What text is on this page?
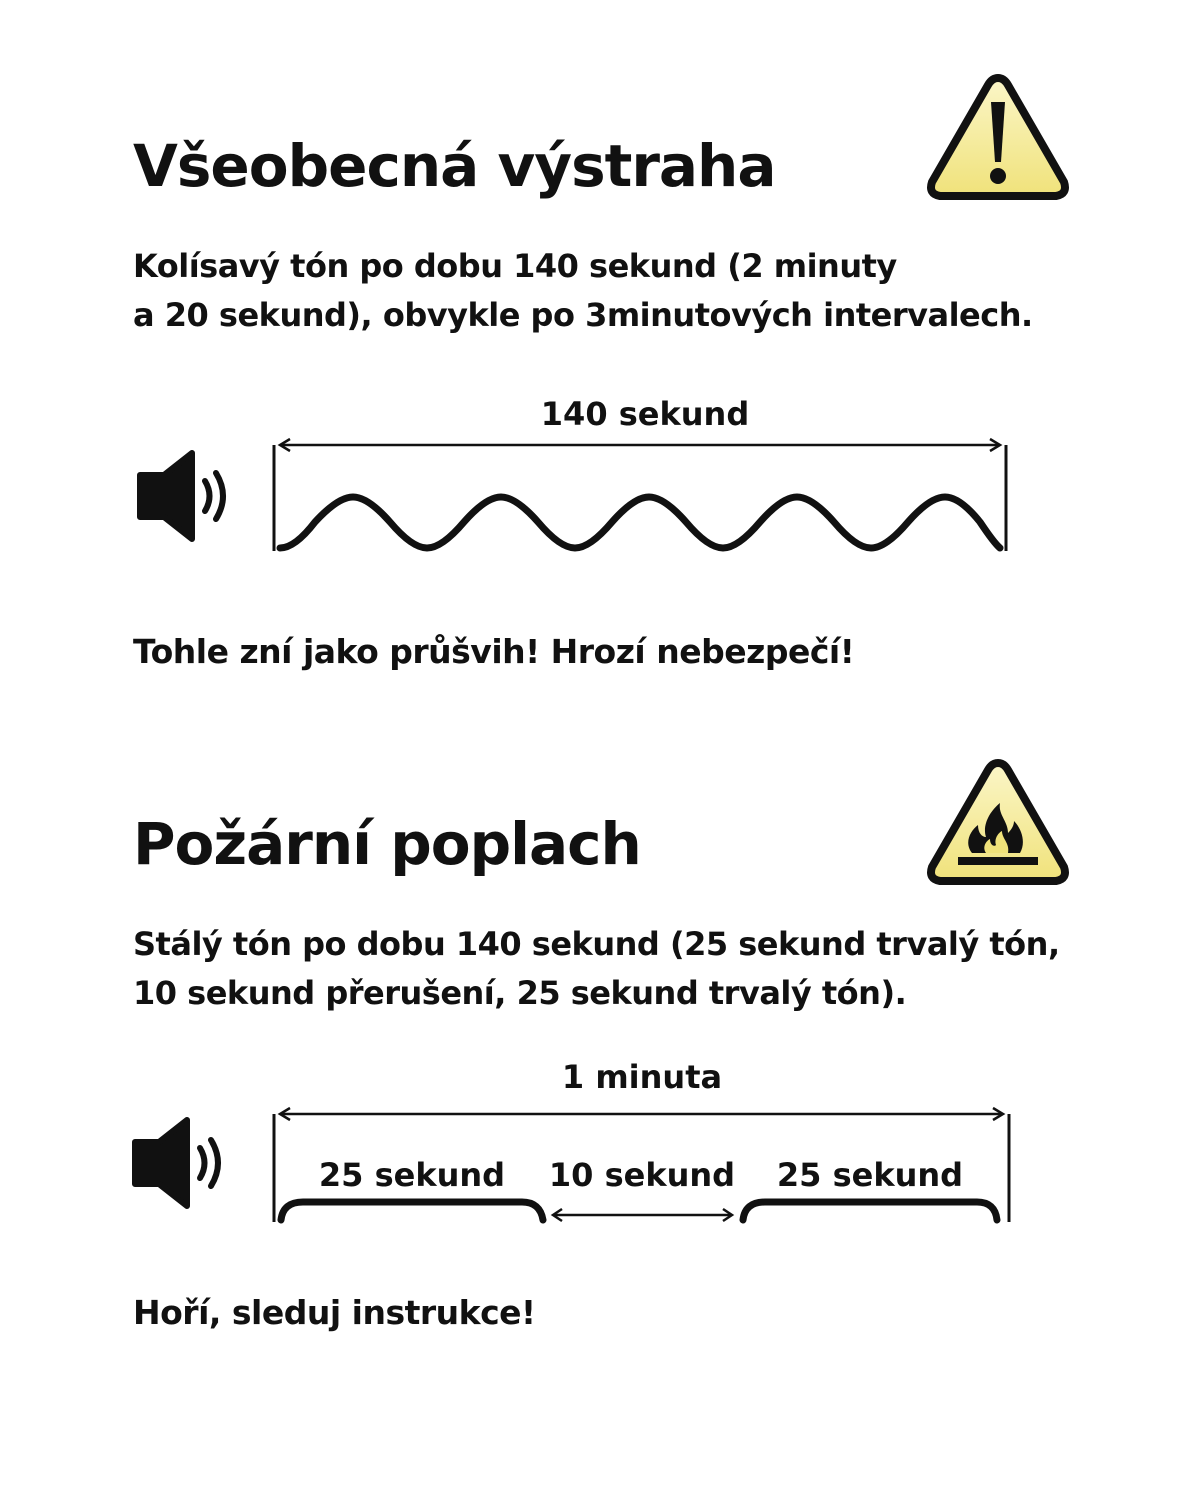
Všeobecná výstraha

Kolísavý tón po dobu 140 sekund (2 minuty
a 20 sekund), obvykle po 3minutových intervalech.

140 sekund

Tohle zní jako průšvih! Hrozí nebezpečí!

Požární poplach

Stálý tón po dobu 140 sekund (25 sekund trvalý tón,
10 sekund přerušení, 25 sekund trvalý tón).

1 minuta
25 sekund 10 sekund 25 sekund

Hoří, sleduj instrukce!
